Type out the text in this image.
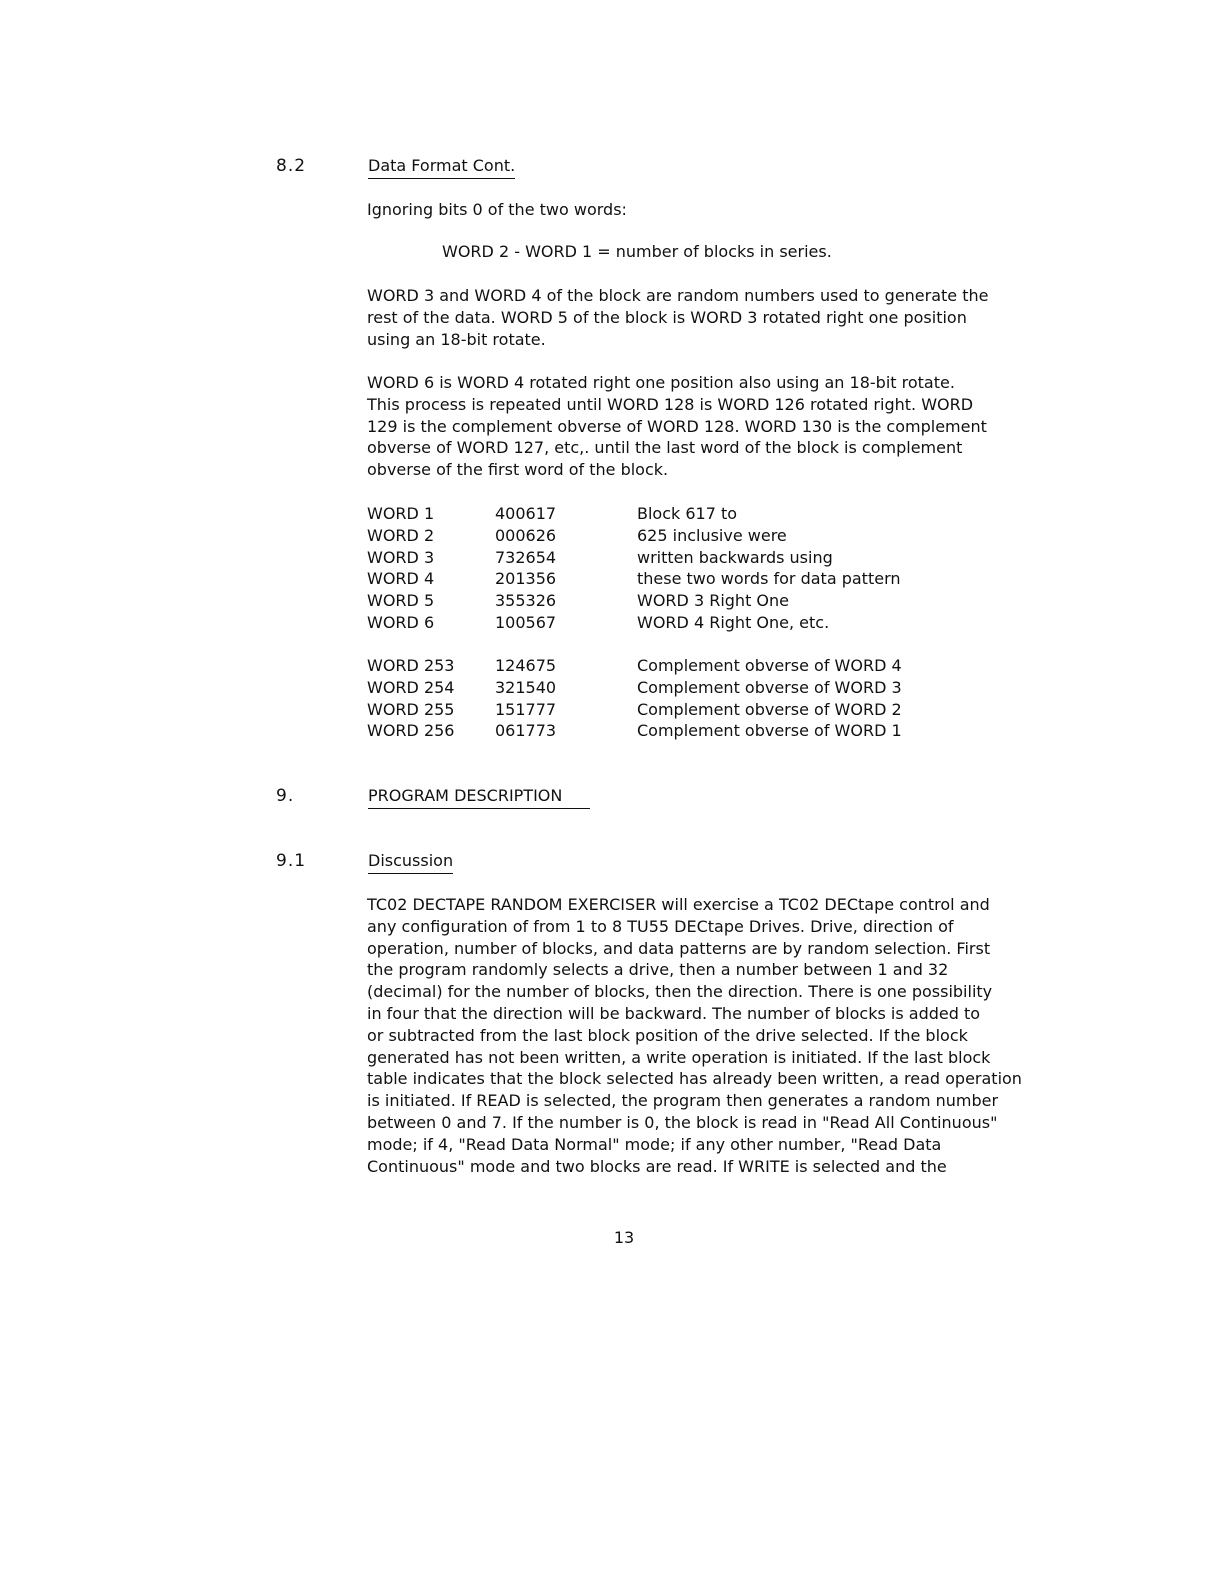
8.2	Data Format Cont.
Ignoring bits 0 of the two words:
WORD 2 - WORD 1 = number of blocks in series.
WORD 3 and WORD 4 of the block are random numbers used to generate the
rest of the data. WORD 5 of the block is WORD 3 rotated right one position
using an 18-bit rotate.
WORD 6 is WORD 4 rotated right one position also using an 18-bit rotate.
This process is repeated until WORD 128 is WORD 126 rotated right. WORD
129 is the complement obverse of WORD 128. WORD 130 is the complement
obverse of WORD 127, etc,. until the last word of the block is complement
obverse of the first word of the block.
WORD 1	400617	Block 617 to
WORD 2	000626	625 inclusive were
WORD 3	732654	written backwards using
WORD 4	201356	these two words for data pattern
WORD 5	355326	WORD 3 Right One
WORD 6	100567	WORD 4 Right One, etc.
WORD 253	124675	Complement obverse of WORD 4
WORD 254	321540	Complement obverse of WORD 3
WORD 255	151777	Complement obverse of WORD 2
WORD 256	061773	Complement obverse of WORD 1
9.	PROGRAM DESCRIPTION
9.1	Discussion
TC02 DECTAPE RANDOM EXERCISER will exercise a TC02 DECtape control and
any configuration of from 1 to 8 TU55 DECtape Drives. Drive, direction of
operation, number of blocks, and data patterns are by random selection. First
the program randomly selects a drive, then a number between 1 and 32
(decimal) for the number of blocks, then the direction. There is one possibility
in four that the direction will be backward. The number of blocks is added to
or subtracted from the last block position of the drive selected. If the block
generated has not been written, a write operation is initiated. If the last block
table indicates that the block selected has already been written, a read operation
is initiated. If READ is selected, the program then generates a random number
between 0 and 7. If the number is 0, the block is read in "Read All Continuous"
mode; if 4, "Read Data Normal" mode; if any other number, "Read Data
Continuous" mode and two blocks are read. If WRITE is selected and the
13
